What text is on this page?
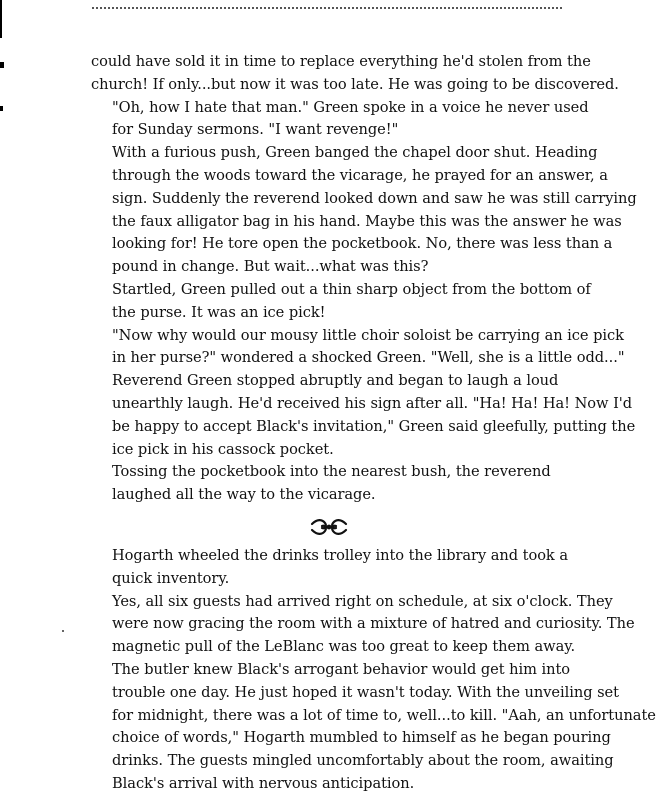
could have sold it in time to replace everything he'd stolen from the
church! If only...but now it was too late. He was going to be discovered.

"Oh, how I hate that man." Green spoke in a voice he never used
for Sunday sermons. "I want revenge!"

With a furious push, Green banged the chapel door shut. Heading
through the woods toward the vicarage, he prayed for an answer, a
sign. Suddenly the reverend looked down and saw he was still carrying
the faux alligator bag in his hand. Maybe this was the answer he was
looking for! He tore open the pocketbook. No, there was less than a
pound in change. But wait...what was this?

Startled, Green pulled out a thin sharp object from the bottom of
the purse. It was an ice pick!

"Now why would our mousy little choir soloist be carrying an ice pick
in her purse?" wondered a shocked Green. "Well, she is a little odd..."

Reverend Green stopped abruptly and began to laugh a loud
unearthly laugh. He'd received his sign after all. "Ha! Ha! Ha! Now I'd
be happy to accept Black's invitation," Green said gleefully, putting the
ice pick in his cassock pocket.

Tossing the pocketbook into the nearest bush, the reverend
laughed all the way to the vicarage.

Hogarth wheeled the drinks trolley into the library and took a
quick inventory.

Yes, all six guests had arrived right on schedule, at six o'clock. They
were now gracing the room with a mixture of hatred and curiosity. The
magnetic pull of the LeBlanc was too great to keep them away.

The butler knew Black's arrogant behavior would get him into
trouble one day. He just hoped it wasn't today. With the unveiling set
for midnight, there was a lot of time to, well...to kill. "Aah, an unfortunate
choice of words," Hogarth mumbled to himself as he began pouring
drinks. The guests mingled uncomfortably about the room, awaiting
Black's arrival with nervous anticipation.
